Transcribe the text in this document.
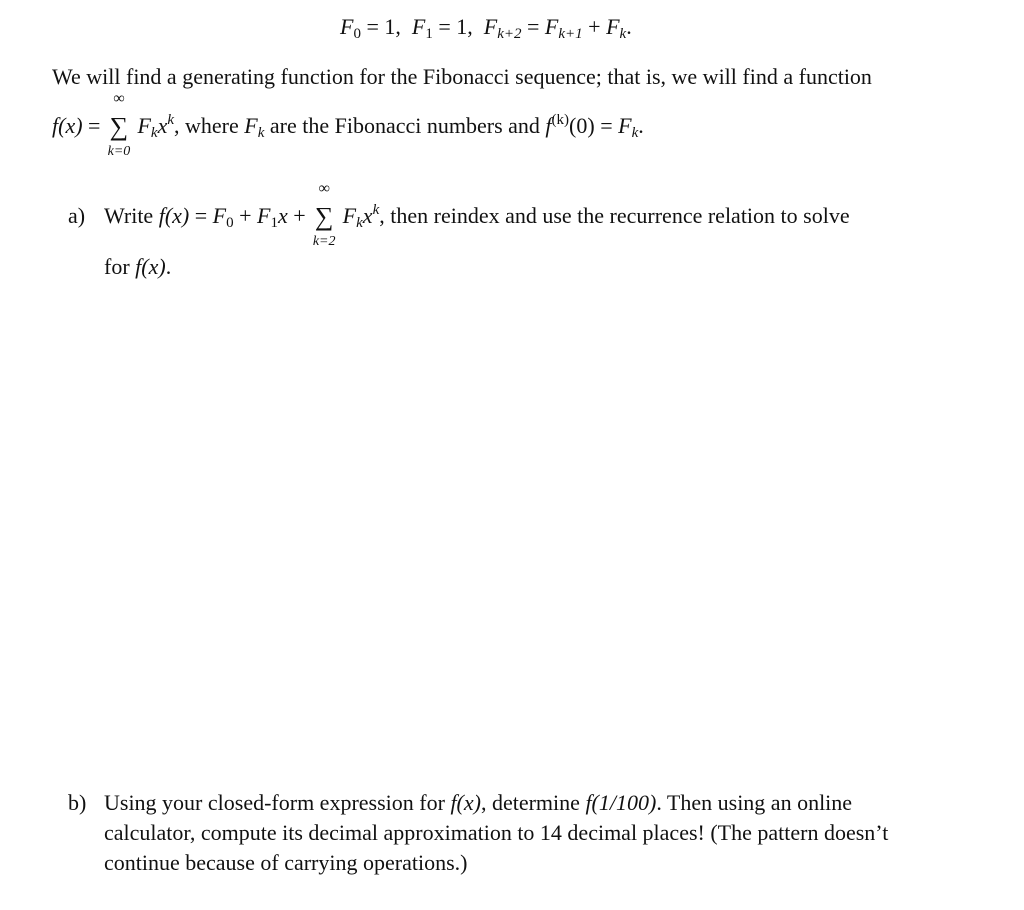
$F_0 = 1$, $F_1 = 1$, $F_{k+2} = F_{k+1} + F_k$.
We will find a generating function for the Fibonacci sequence; that is, we will find a function
f(x) =
∞
∑
k=0
$F_kx^k$, where $F_k$ are the Fibonacci numbers and $f^{(k)}(0) = F_k$.
a) Write $f(x) = F_0 + F_1x$ +
∞
∑
k=2
$F_kx^k$, then reindex and use the recurrence relation to solve
for f(x).
b) Using your closed-form expression for f(x), determine f(1/100). Then using an online
calculator, compute its decimal approximation to 14 decimal places! (The pattern doesn’t
continue because of carrying operations.)
